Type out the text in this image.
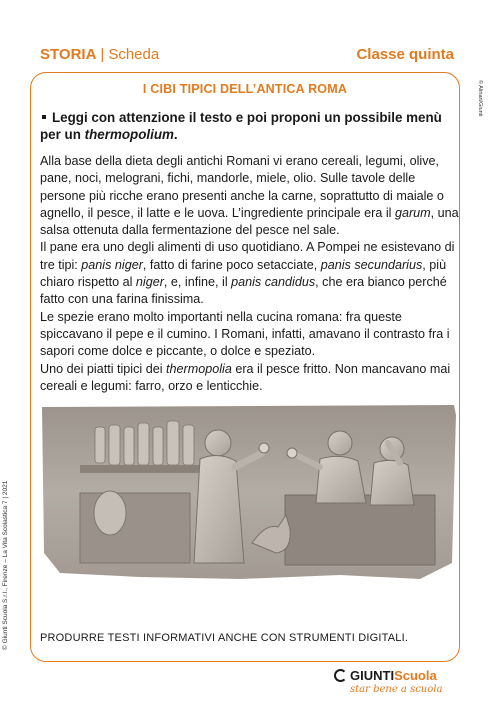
STORIA | Scheda	Classe quinta
I CIBI TIPICI DELL’ANTICA ROMA
Leggi con attenzione il testo e poi proponi un possibile menù per un thermopolium.

Alla base della dieta degli antichi Romani vi erano cereali, legumi, olive, pane, noci, melograni, fichi, mandorle, miele, olio. Sulle tavole delle persone più ricche erano presenti anche la carne, soprattutto di maiale o agnello, il pesce, il latte e le uova. L’ingrediente principale era il garum, una salsa ottenuta dalla fermentazione del pesce nel sale.

Il pane era uno degli alimenti di uso quotidiano. A Pompei ne esistevano di tre tipi: panis niger, fatto di farine poco setacciate, panis secundarius, più chiaro rispetto al niger, e, infine, il panis candidus, che era bianco perché fatto con una farina finissima.

Le spezie erano molto importanti nella cucina romana: fra queste spiccavano il pepe e il cumino. I Romani, infatti, amavano il contrasto fra i sapori come dolce e piccante, o dolce e speziato.

Uno dei piatti tipici dei thermopolia era il pesce fritto. Non mancavano mai cereali e legumi: farro, orzo e lenticchie.

PRODURRE TESTI INFORMATIVI ANCHE CON STRUMENTI DIGITALI.
© Giunti Scuola S.r.l., Firenze – La Vita Scolastica 7 | 2021
© Alinari/Giunti
GIUNTI Scuola
star bene a scuola
